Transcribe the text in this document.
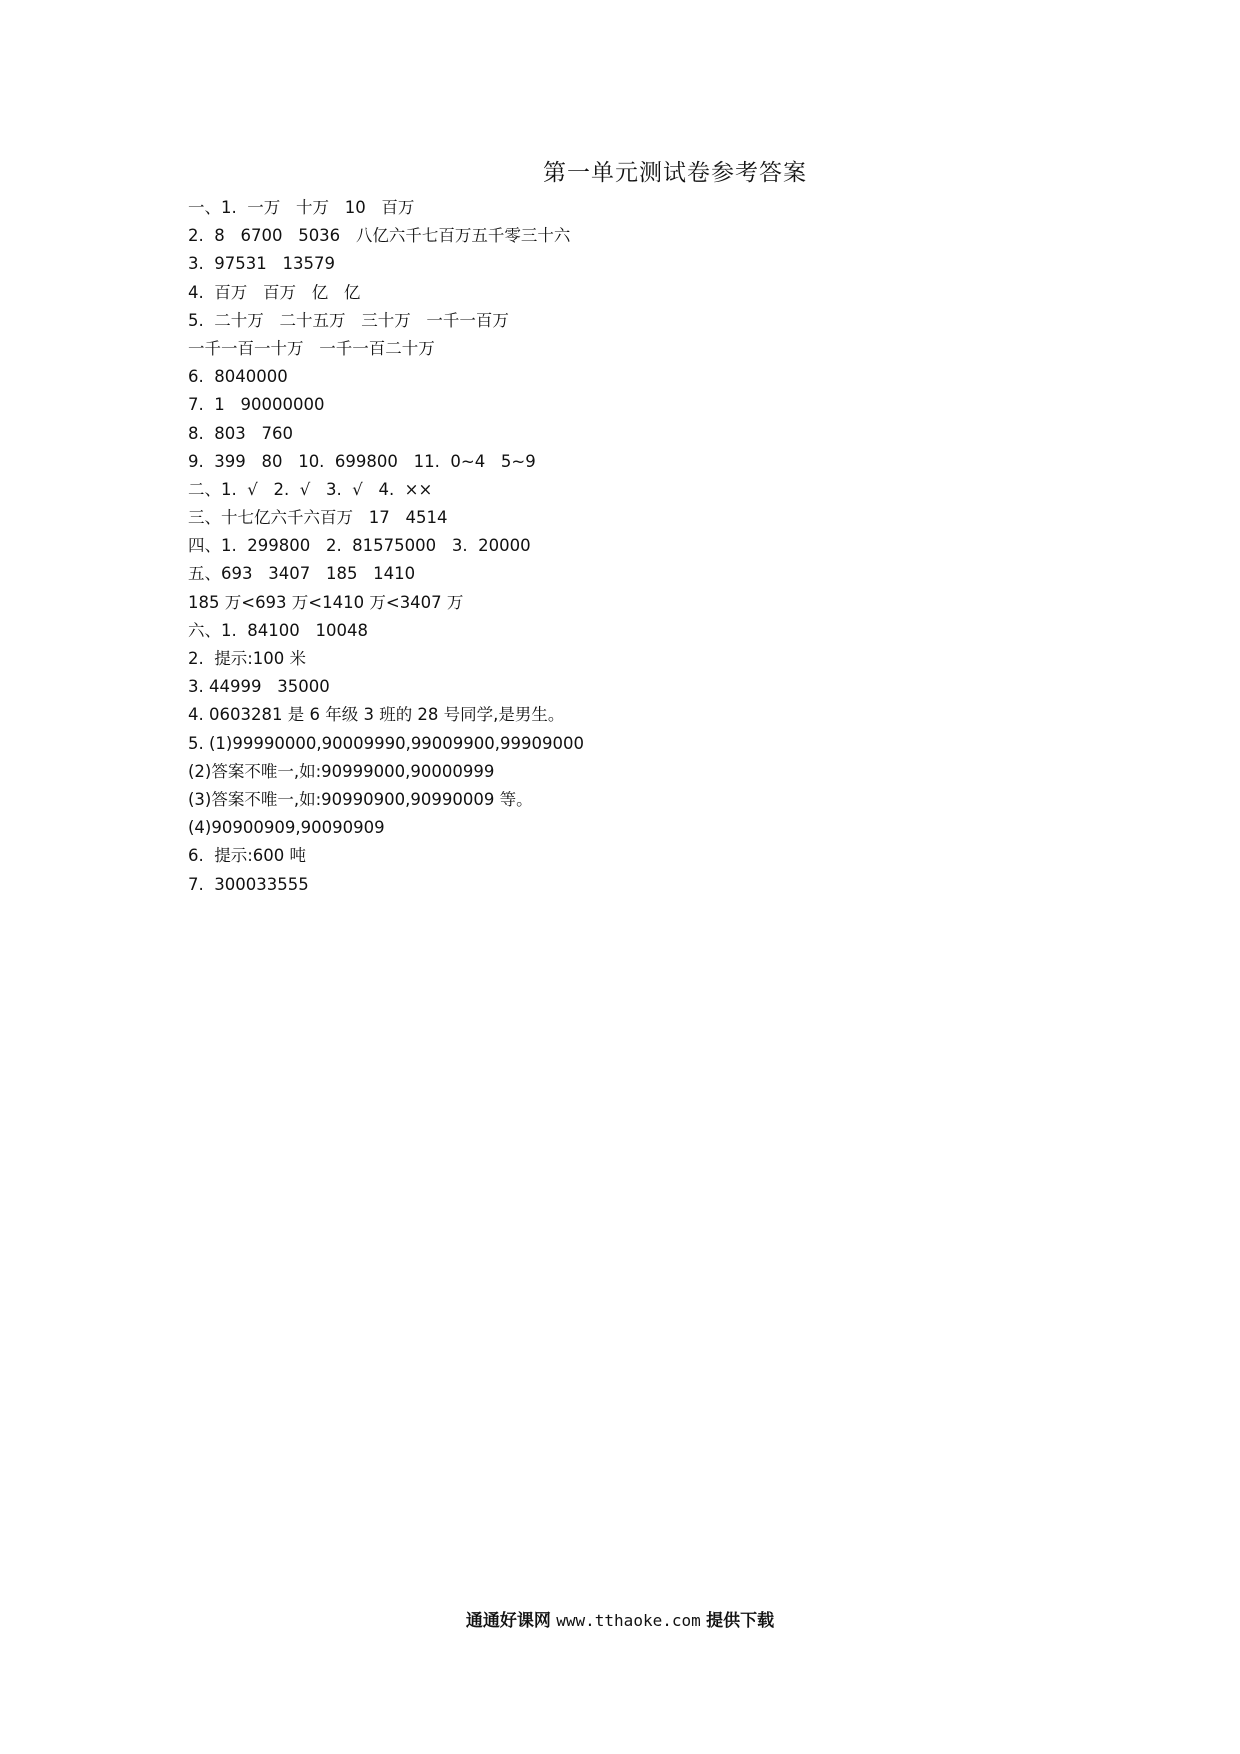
第一单元测试卷参考答案
一、1.  一万   十万   10   百万
2.  8   6700   5036   八亿六千七百万五千零三十六
3.  97531   13579
4.  百万   百万   亿   亿
5.  二十万   二十五万   三十万   一千一百万
一千一百一十万   一千一百二十万
6.  8040000
7.  1   90000000
8.  803   760
9.  399   80   10.  699800   11.  0~4   5~9
二、1.  √   2.  √   3.  √   4.  ××
三、十七亿六千六百万   17   4514
四、1.  299800   2.  81575000   3.  20000
五、693   3407   185   1410
185 万<693 万<1410 万<3407 万
六、1.  84100   10048
2.  提示:100 米
3. 44999   35000
4. 0603281 是 6 年级 3 班的 28 号同学,是男生。
5. (1)99990000,90009990,99009900,99909000
(2)答案不唯一,如:90999000,90000999
(3)答案不唯一,如:90990900,90990009 等。
(4)90900909,90090909
6.  提示:600 吨
7.  300033555
通通好课网 www.tthaoke.com 提供下载
